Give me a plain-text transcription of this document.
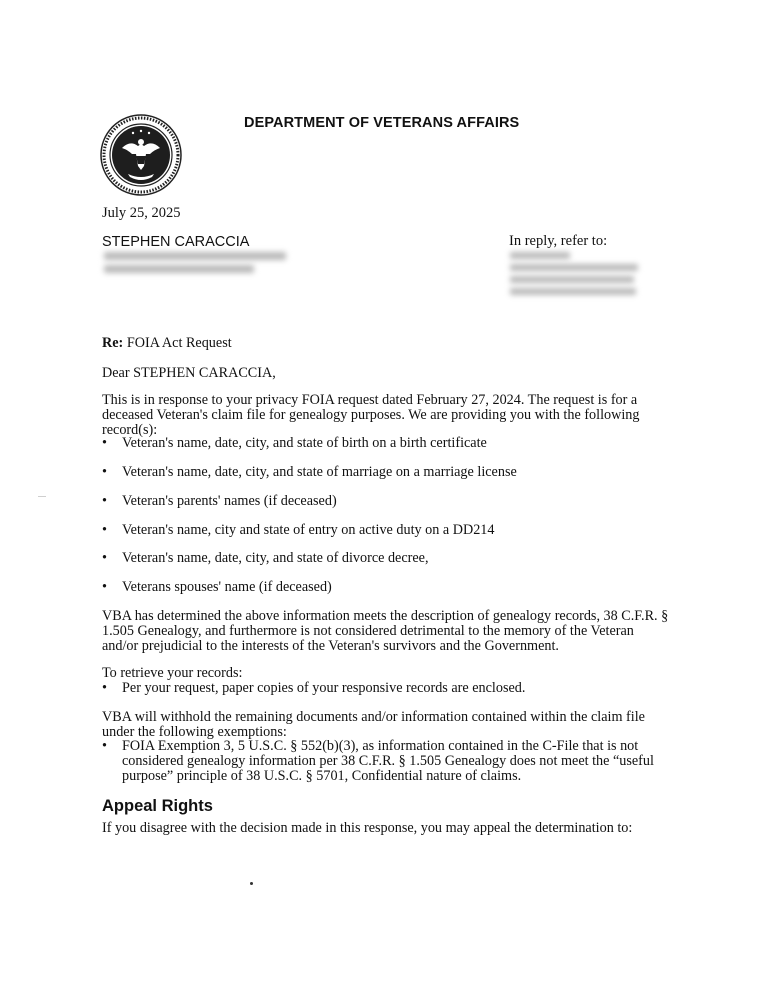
DEPARTMENT OF VETERANS AFFAIRS
July 25, 2025
STEPHEN CARACCIA	In reply, refer to:
Re: FOIA Act Request
Dear STEPHEN CARACCIA,
This is in response to your privacy FOIA request dated February 27, 2024. The request is for a deceased Veteran's claim file for genealogy purposes. We are providing you with the following record(s):
• Veteran's name, date, city, and state of birth on a birth certificate
• Veteran's name, date, city, and state of marriage on a marriage license
• Veteran's parents' names (if deceased)
• Veteran's name, city and state of entry on active duty on a DD214
• Veteran's name, date, city, and state of divorce decree,
• Veterans spouses' name (if deceased)
VBA has determined the above information meets the description of genealogy records, 38 C.F.R. § 1.505 Genealogy, and furthermore is not considered detrimental to the memory of the Veteran and/or prejudicial to the interests of the Veteran's survivors and the Government.
To retrieve your records:
• Per your request, paper copies of your responsive records are enclosed.
VBA will withhold the remaining documents and/or information contained within the claim file under the following exemptions:
• FOIA Exemption 3, 5 U.S.C. § 552(b)(3), as information contained in the C-File that is not considered genealogy information per 38 C.F.R. § 1.505 Genealogy does not meet the “useful purpose” principle of 38 U.S.C. § 5701, Confidential nature of claims.
Appeal Rights
If you disagree with the decision made in this response, you may appeal the determination to:
